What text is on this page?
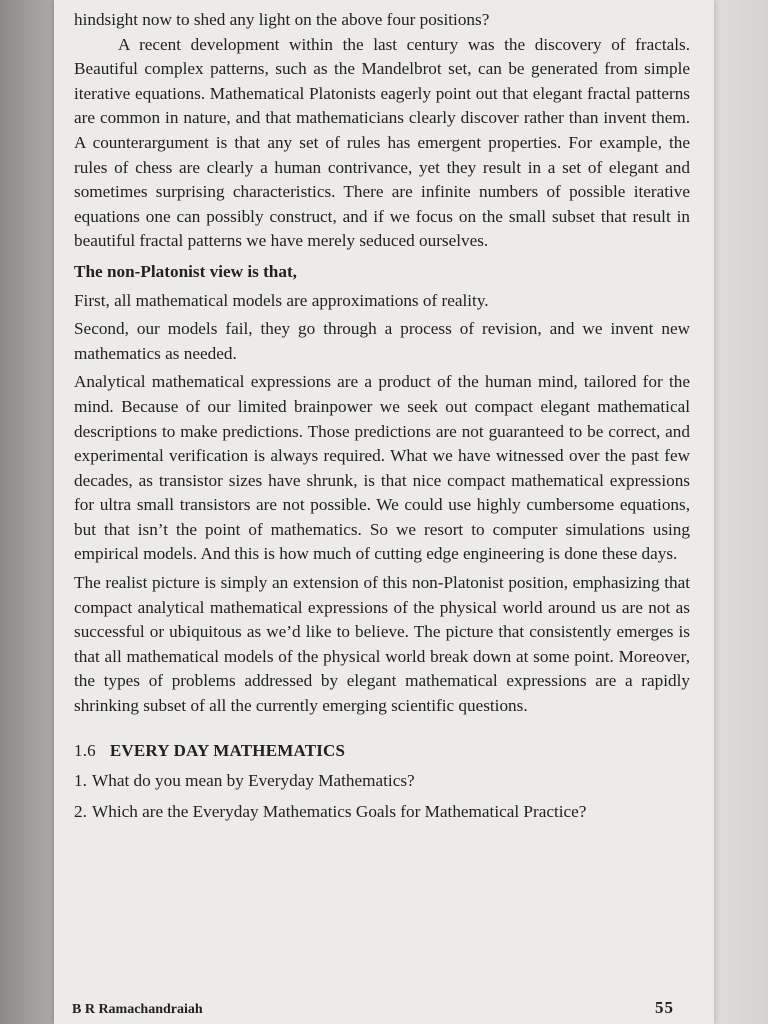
hindsight now to shed any light on the above four positions?

A recent development within the last century was the discovery of fractals. Beautiful complex patterns, such as the Mandelbrot set, can be generated from simple iterative equations. Mathematical Platonists eagerly point out that elegant fractal patterns are common in nature, and that mathematicians clearly discover rather than invent them. A counterargument is that any set of rules has emergent properties. For example, the rules of chess are clearly a human contrivance, yet they result in a set of elegant and sometimes surprising characteristics. There are infinite numbers of possible iterative equations one can possibly construct, and if we focus on the small subset that result in beautiful fractal patterns we have merely seduced ourselves.

The non-Platonist view is that,

First, all mathematical models are approximations of reality.

Second, our models fail, they go through a process of revision, and we invent new mathematics as needed.

Analytical mathematical expressions are a product of the human mind, tailored for the mind. Because of our limited brainpower we seek out compact elegant mathematical descriptions to make predictions. Those predictions are not guaranteed to be correct, and experimental verification is always required. What we have witnessed over the past few decades, as transistor sizes have shrunk, is that nice compact mathematical expressions for ultra small transistors are not possible. We could use highly cumbersome equations, but that isn’t the point of mathematics. So we resort to computer simulations using empirical models. And this is how much of cutting edge engineering is done these days.

The realist picture is simply an extension of this non-Platonist position, emphasizing that compact analytical mathematical expressions of the physical world around us are not as successful or ubiquitous as we’d like to believe. The picture that consistently emerges is that all mathematical models of the physical world break down at some point. Moreover, the types of problems addressed by elegant mathematical expressions are a rapidly shrinking subset of all the currently emerging scientific questions.

1.6 EVERY DAY MATHEMATICS

1. What do you mean by Everyday Mathematics?
2. Which are the Everyday Mathematics Goals for Mathematical Practice?
B R Ramachandraiah	55
